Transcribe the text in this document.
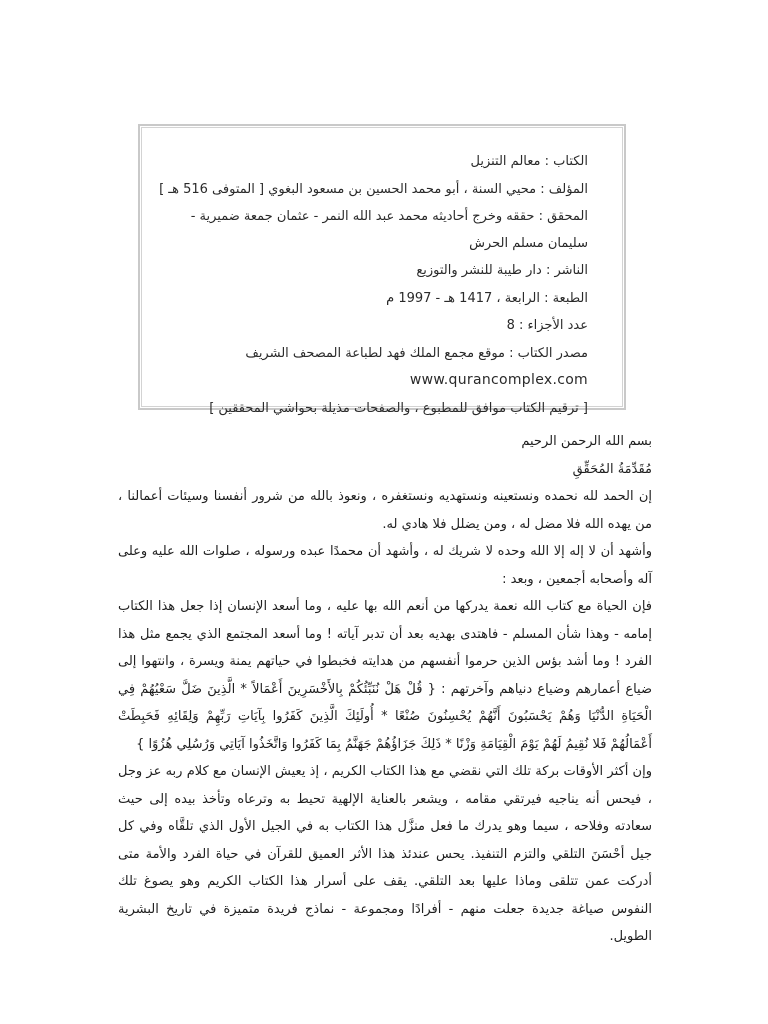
الكتاب : معالم التنزيل
المؤلف : محيي السنة ، أبو محمد الحسين بن مسعود البغوي [ المتوفى 516 هـ ]
المحقق : حققه وخرج أحاديثه محمد عبد الله النمر - عثمان جمعة ضميرية -
سليمان مسلم الحرش
الناشر : دار طيبة للنشر والتوزيع
الطبعة : الرابعة ، 1417 هـ - 1997 م
عدد الأجزاء : 8
مصدر الكتاب : موقع مجمع الملك فهد لطباعة المصحف الشريف
www.qurancomplex.com
[ ترقيم الكتاب موافق للمطبوع ، والصفحات مذيلة بحواشي المحققين ]
بسم الله الرحمن الرحيم
مُقَدِّمَةُ المُحَقِّقِ

إن الحمد لله نحمده ونستعينه ونستهديه ونستغفره ، ونعوذ بالله من شرور أنفسنا وسيئات أعمالنا ، من يهده الله فلا مضل له ، ومن يضلل فلا هادي له.

وأشهد أن لا إله إلا الله وحده لا شريك له ، وأشهد أن محمدًا عبده ورسوله ، صلوات الله عليه وعلى آله وأصحابه أجمعين ، وبعد :

فإن الحياة مع كتاب الله نعمة يدركها من أنعم الله بها عليه ، وما أسعد الإنسان إذا جعل هذا الكتاب إمامه - وهذا شأن المسلم - فاهتدى بهديه بعد أن تدبر آياته ! وما أسعد المجتمع الذي يجمع مثل هذا الفرد ! وما أشد بؤس الذين حرموا أنفسهم من هدايته فخبطوا في حياتهم يمنة ويسرة ، وانتهوا إلى ضياع أعمارهم وضياع دنياهم وآخرتهم : { قُلْ هَلْ نُنَبِّئُكُمْ بِالأَخْسَرِينَ أَعْمَالاً * الَّذِينَ ضَلَّ سَعْيُهُمْ فِي الْحَيَاةِ الدُّنْيَا وَهُمْ يَحْسَبُونَ أَنَّهُمْ يُحْسِنُونَ صُنْعًا * أُولَئِكَ الَّذِينَ كَفَرُوا بِآيَاتِ رَبِّهِمْ وَلِقَائِهِ فَحَبِطَتْ أَعْمَالُهُمْ فَلا نُقِيمُ لَهُمْ يَوْمَ الْقِيَامَةِ وَزْنًا * ذَلِكَ جَزَاؤُهُمْ جَهَنَّمُ بِمَا كَفَرُوا وَاتَّخَذُوا آيَاتِي وَرُسُلِي هُزُوًا }

وإن أكثر الأوقات بركة تلك التي نقضي مع هذا الكتاب الكريم ، إذ يعيش الإنسان مع كلام ربه عز وجل ، فيحس أنه يناجيه فيرتقي مقامه ، ويشعر بالعناية الإلهية تحيط به وترعاه وتأخذ بيده إلى حيث سعادته وفلاحه ، سيما وهو يدرك ما فعل منزَّل هذا الكتاب به في الجيل الأول الذي تلقَّاه وفي كل جيل أحْسَنَ التلقي والتزم التنفيذ. يحس عندئذ هذا الأثر العميق للقرآن في حياة الفرد والأمة متى أدركت عمن تتلقى وماذا عليها بعد التلقي. يقف على أسرار هذا الكتاب الكريم وهو يصوغ تلك النفوس صياغة جديدة جعلت منهم - أفرادًا ومجموعة - نماذج فريدة متميزة في تاريخ البشرية الطويل.
